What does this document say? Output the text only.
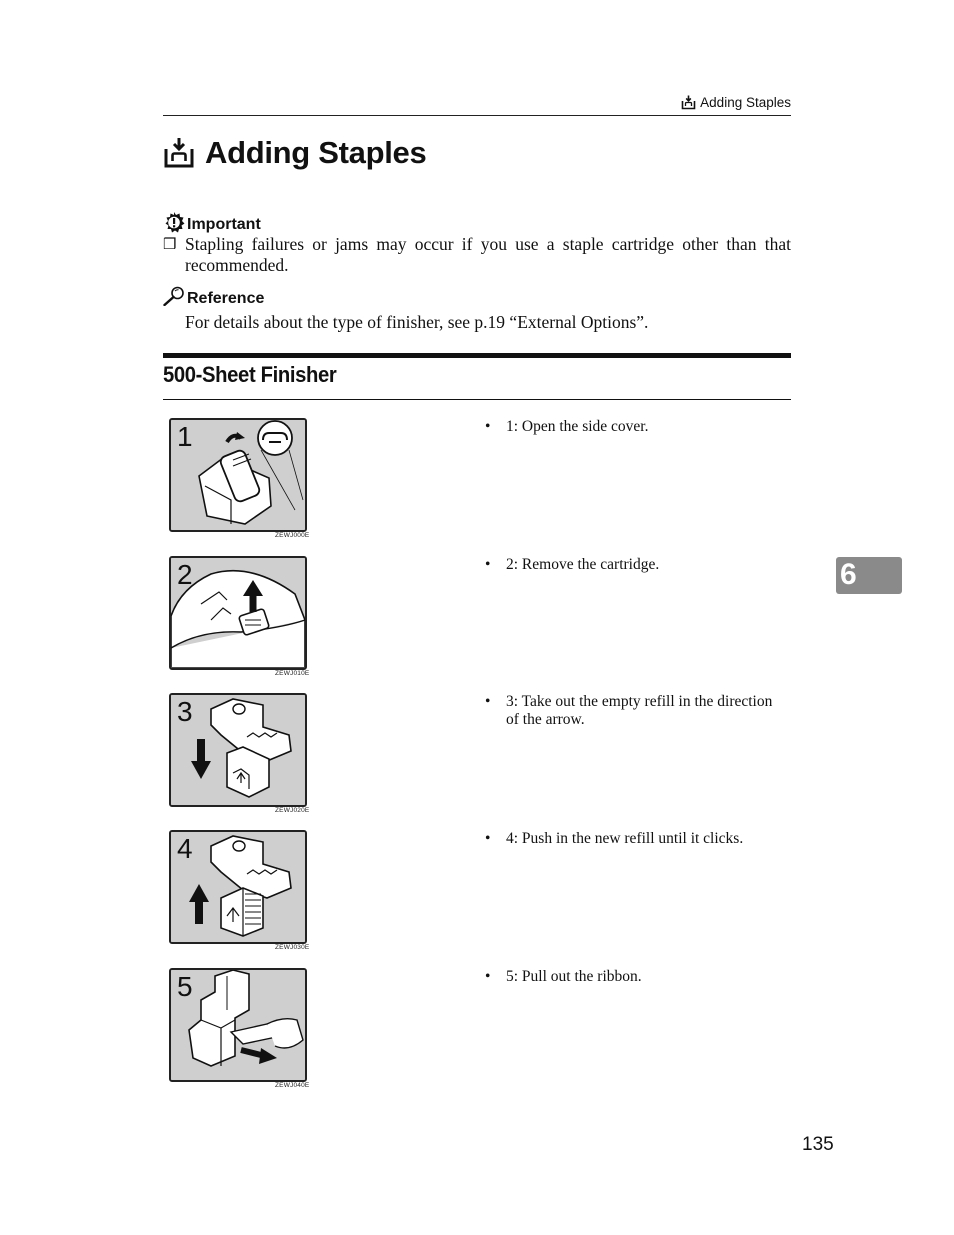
Adding Staples
Adding Staples
Important
❒ Stapling failures or jams may occur if you use a staple cartridge other than that recommended.
Reference
For details about the type of finisher, see p.19 “External Options”.
500-Sheet Finisher
1
ZEWJ000E
• 1: Open the side cover.
2
ZEWJ010E
• 2: Remove the cartridge.
3
ZEWJ020E
• 3: Take out the empty refill in the direction of the arrow.
4
ZEWJ030E
• 4: Push in the new refill until it clicks.
5
ZEWJ040E
• 5: Pull out the ribbon.
6
135
